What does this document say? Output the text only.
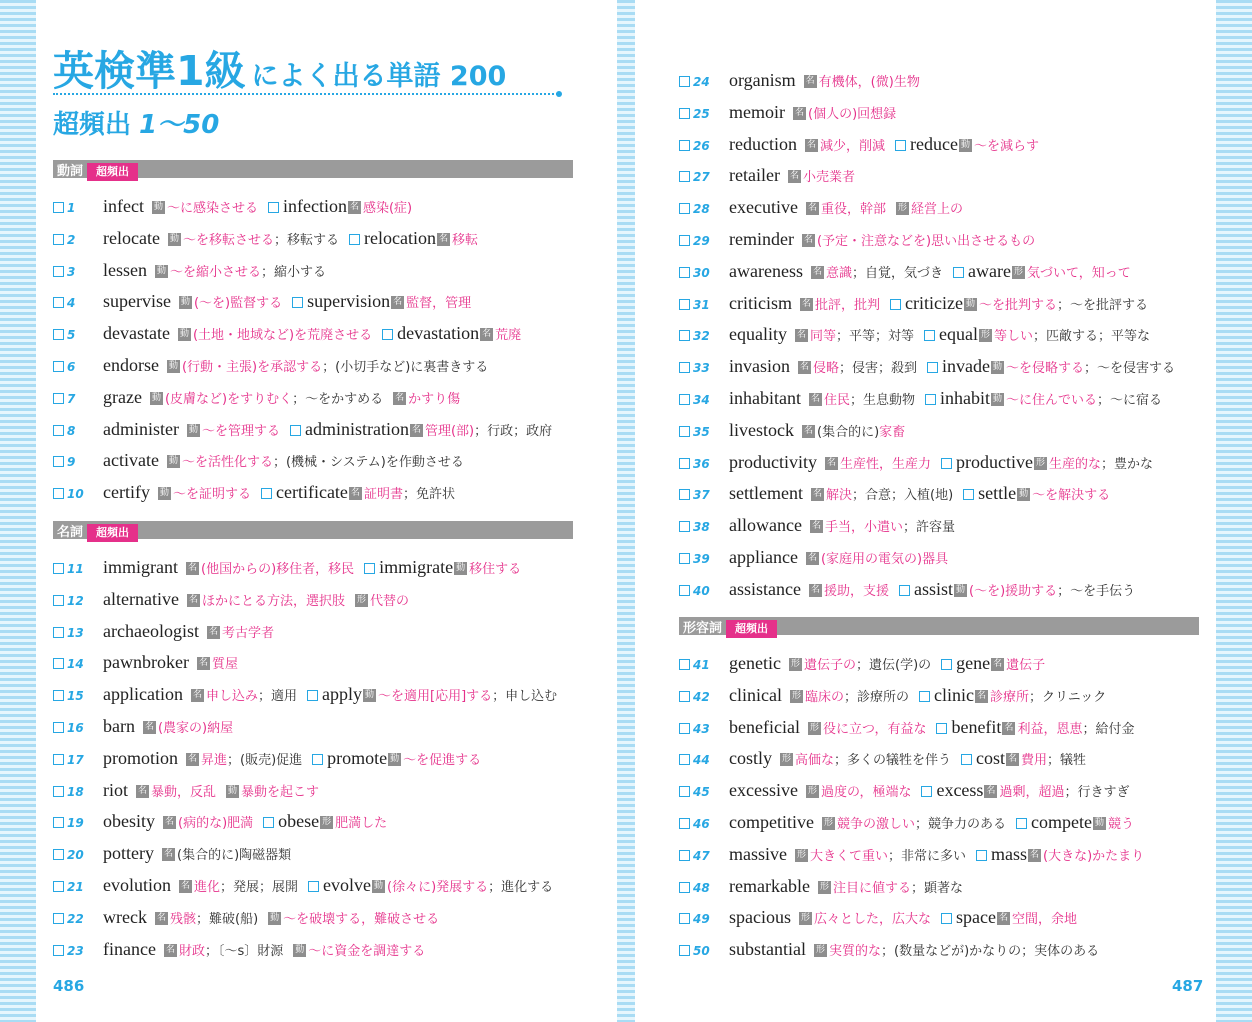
英検準1級 によく出る単語 200
超頻出 1〜50
動詞 超頻出
名詞 超頻出
1 infect 動 〜に感染させる infection 名 感染(症)
2 relocate 動 〜を移転させる；移転する relocation 名 移転
3 lessen 動 〜を縮小させる；縮小する
4 supervise 動 (〜を)監督する supervision 名 監督，管理
5 devastate 動 (土地・地域など)を荒廃させる devastation 名 荒廃
6 endorse 動 (行動・主張)を承認する；(小切手など)に裏書きする
7 graze 動 (皮膚など)をすりむく；〜をかすめる 名 かすり傷
8 administer 動 〜を管理する administration 名 管理(部)；行政；政府
9 activate 動 〜を活性化する；(機械・システム)を作動させる
10 certify 動 〜を証明する certificate 名 証明書；免許状
11 immigrant 名 (他国からの)移住者，移民 immigrate 動 移住する
12 alternative 名 ほかにとる方法，選択肢 形 代替の
13 archaeologist 名 考古学者
14 pawnbroker 名 質屋
15 application 名 申し込み；適用 apply 動 〜を適用[応用]する；申し込む
16 barn 名 (農家の)納屋
17 promotion 名 昇進；(販売)促進 promote 動 〜を促進する
18 riot 名 暴動，反乱 動 暴動を起こす
19 obesity 名 (病的な)肥満 obese 形 肥満した
20 pottery 名 (集合的に)陶磁器類
21 evolution 名 進化；発展；展開 evolve 動 (徐々に)発展する；進化する
22 wreck 名 残骸；難破(船) 動 〜を破壊する，難破させる
23 finance 名 財政；〔〜s〕財源 動 〜に資金を調達する
486
形容詞 超頻出
24 organism 名 有機体，(微)生物
25 memoir 名 (個人の)回想録
26 reduction 名 減少，削減 reduce 動 〜を減らす
27 retailer 名 小売業者
28 executive 名 重役，幹部 形 経営上の
29 reminder 名 (予定・注意などを)思い出させるもの
30 awareness 名 意識；自覚，気づき aware 形 気づいて，知って
31 criticism 名 批評，批判 criticize 動 〜を批判する；〜を批評する
32 equality 名 同等；平等；対等 equal 形 等しい；匹敵する；平等な
33 invasion 名 侵略；侵害；殺到 invade 動 〜を侵略する；〜を侵害する
34 inhabitant 名 住民；生息動物 inhabit 動 〜に住んでいる；〜に宿る
35 livestock 名 (集合的に)家畜
36 productivity 名 生産性，生産力 productive 形 生産的な；豊かな
37 settlement 名 解決；合意；入植(地) settle 動 〜を解決する
38 allowance 名 手当，小遣い；許容量
39 appliance 名 (家庭用の電気の)器具
40 assistance 名 援助，支援 assist 動 (〜を)援助する；〜を手伝う
41 genetic 形 遺伝子の；遺伝(学)の gene 名 遺伝子
42 clinical 形 臨床の；診療所の clinic 名 診療所；クリニック
43 beneficial 形 役に立つ，有益な benefit 名 利益，恩恵；給付金
44 costly 形 高価な；多くの犠牲を伴う cost 名 費用；犠牲
45 excessive 形 過度の，極端な excess 名 過剰，超過；行きすぎ
46 competitive 形 競争の激しい；競争力のある compete 動 競う
47 massive 形 大きくて重い；非常に多い mass 名 (大きな)かたまり
48 remarkable 形 注目に値する；顕著な
49 spacious 形 広々とした，広大な space 名 空間，余地
50 substantial 形 実質的な；(数量などが)かなりの；実体のある
487
